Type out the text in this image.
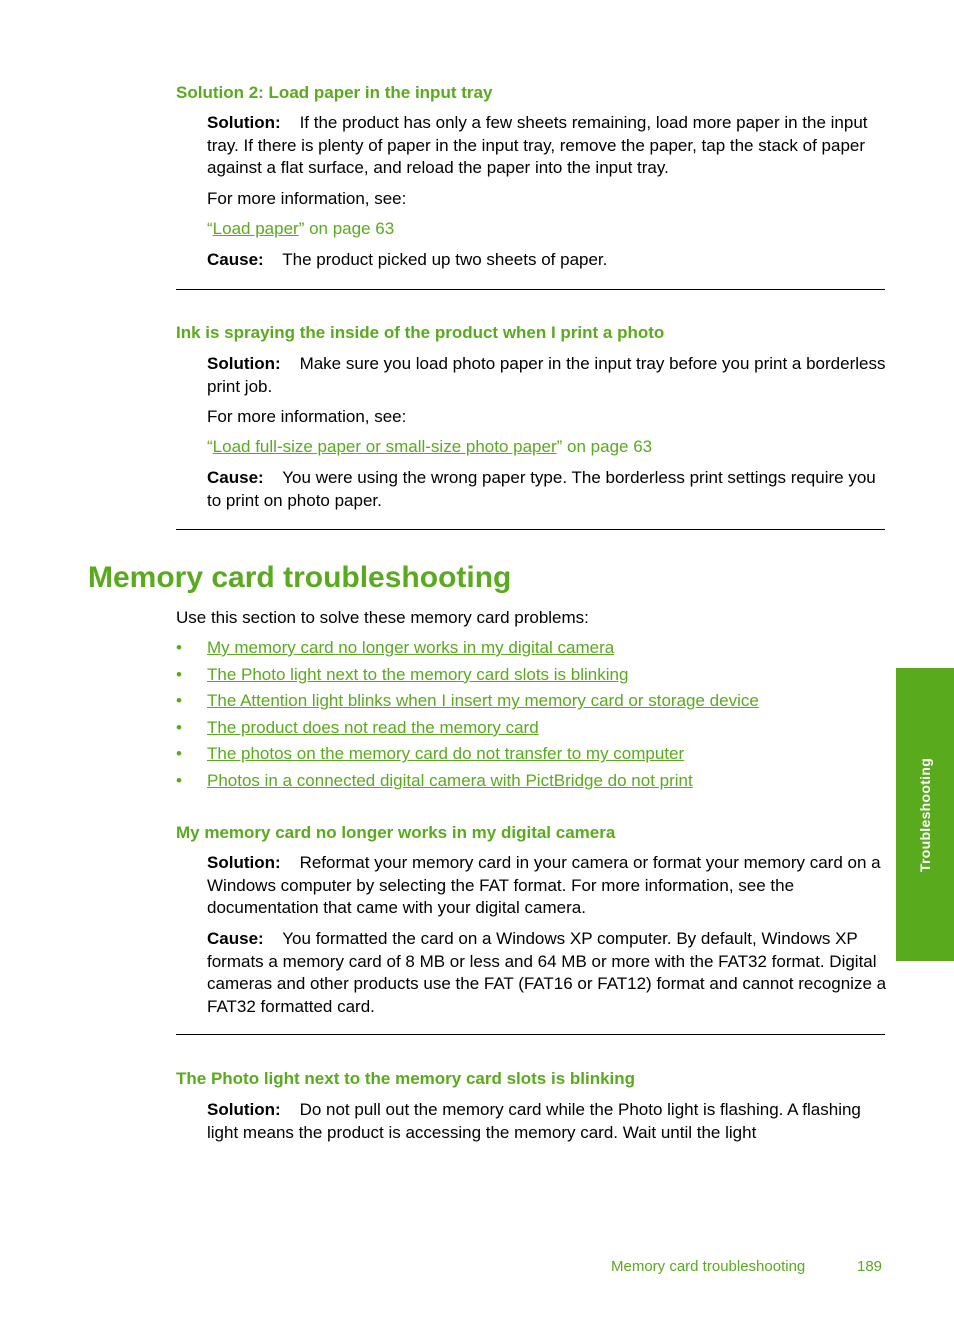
Solution 2: Load paper in the input tray
Solution: If the product has only a few sheets remaining, load more paper in the input tray. If there is plenty of paper in the input tray, remove the paper, tap the stack of paper against a flat surface, and reload the paper into the input tray.
For more information, see:
“Load paper” on page 63
Cause: The product picked up two sheets of paper.
Ink is spraying the inside of the product when I print a photo
Solution: Make sure you load photo paper in the input tray before you print a borderless print job.
For more information, see:
“Load full-size paper or small-size photo paper” on page 63
Cause: You were using the wrong paper type. The borderless print settings require you to print on photo paper.
Memory card troubleshooting
Use this section to solve these memory card problems:
• My memory card no longer works in my digital camera
• The Photo light next to the memory card slots is blinking
• The Attention light blinks when I insert my memory card or storage device
• The product does not read the memory card
• The photos on the memory card do not transfer to my computer
• Photos in a connected digital camera with PictBridge do not print
My memory card no longer works in my digital camera
Solution: Reformat your memory card in your camera or format your memory card on a Windows computer by selecting the FAT format. For more information, see the documentation that came with your digital camera.
Cause: You formatted the card on a Windows XP computer. By default, Windows XP formats a memory card of 8 MB or less and 64 MB or more with the FAT32 format. Digital cameras and other products use the FAT (FAT16 or FAT12) format and cannot recognize a FAT32 formatted card.
The Photo light next to the memory card slots is blinking
Solution: Do not pull out the memory card while the Photo light is flashing. A flashing light means the product is accessing the memory card. Wait until the light
Troubleshooting
Memory card troubleshooting	189
